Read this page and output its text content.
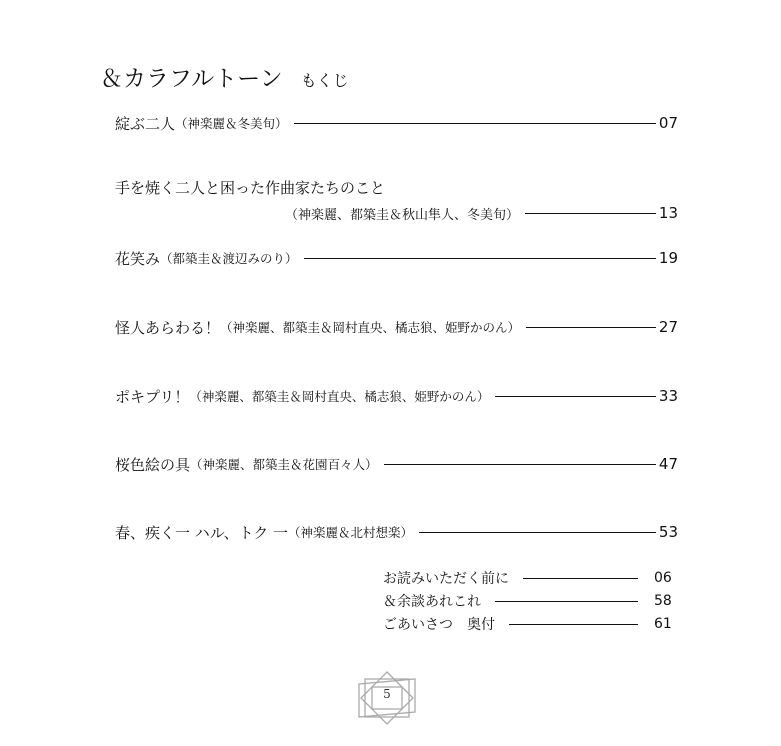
＆カラフルトーン もくじ
綻ぶ二人 （神楽麗＆冬美旬）	07
手を焼く二人と困った作曲家たちのこと
（神楽麗、都築圭＆秋山隼人、冬美旬）	13
花笑み （都築圭＆渡辺みのり）	19
怪人あらわる！ （神楽麗、都築圭＆岡村直央、橘志狼、姫野かのん）	27
ポキプリ！ （神楽麗、都築圭＆岡村直央、橘志狼、姫野かのん）	33
桜色絵の具 （神楽麗、都築圭＆花園百々人）	47
春、疾く一 ハル、トク 一 （神楽麗＆北村想楽）	53
お読みいただく前に	06
＆余談あれこれ	58
ごあいさつ　奥付	61
5
